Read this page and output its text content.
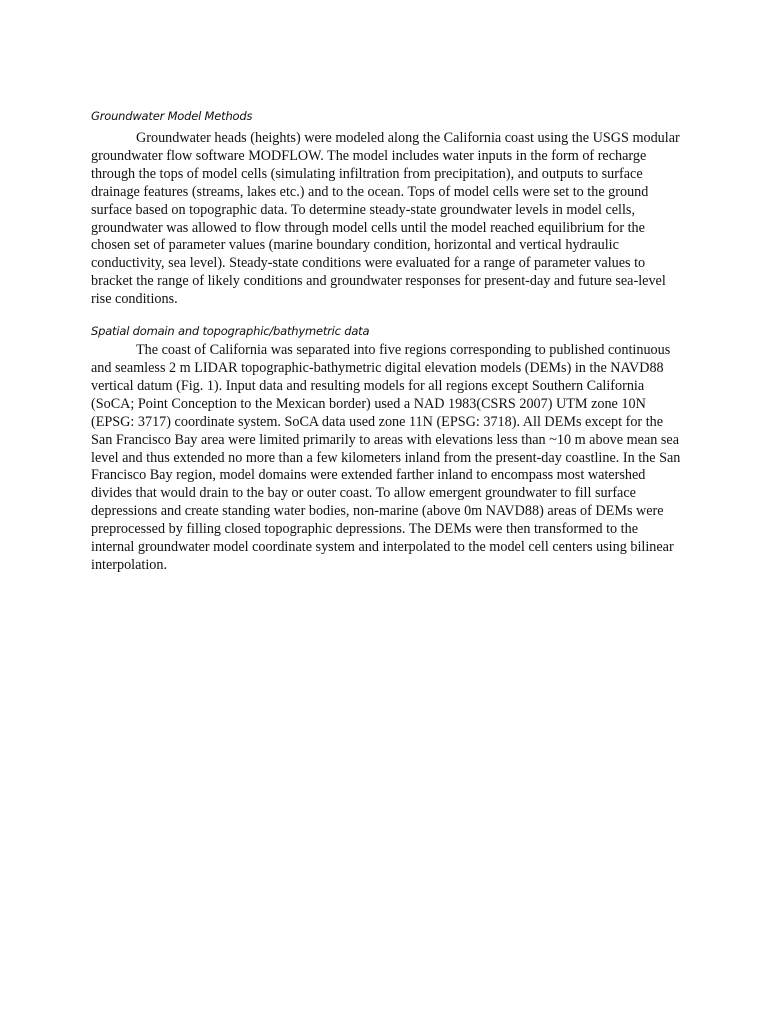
Groundwater Model Methods

Groundwater heads (heights) were modeled along the California coast using the USGS modular groundwater flow software MODFLOW. The model includes water inputs in the form of recharge through the tops of model cells (simulating infiltration from precipitation), and outputs to surface drainage features (streams, lakes etc.) and to the ocean. Tops of model cells were set to the ground surface based on topographic data. To determine steady-state groundwater levels in model cells, groundwater was allowed to flow through model cells until the model reached equilibrium for the chosen set of parameter values (marine boundary condition, horizontal and vertical hydraulic conductivity, sea level). Steady-state conditions were evaluated for a range of parameter values to bracket the range of likely conditions and groundwater responses for present-day and future sea-level rise conditions.

Spatial domain and topographic/bathymetric data

The coast of California was separated into five regions corresponding to published continuous and seamless 2 m LIDAR topographic-bathymetric digital elevation models (DEMs) in the NAVD88 vertical datum (Fig. 1). Input data and resulting models for all regions except Southern California (SoCA; Point Conception to the Mexican border) used a NAD 1983(CSRS 2007) UTM zone 10N (EPSG: 3717) coordinate system. SoCA data used zone 11N (EPSG: 3718). All DEMs except for the San Francisco Bay area were limited primarily to areas with elevations less than ~10 m above mean sea level and thus extended no more than a few kilometers inland from the present-day coastline. In the San Francisco Bay region, model domains were extended farther inland to encompass most watershed divides that would drain to the bay or outer coast. To allow emergent groundwater to fill surface depressions and create standing water bodies, non-marine (above 0m NAVD88) areas of DEMs were preprocessed by filling closed topographic depressions. The DEMs were then transformed to the internal groundwater model coordinate system and interpolated to the model cell centers using bilinear interpolation.
